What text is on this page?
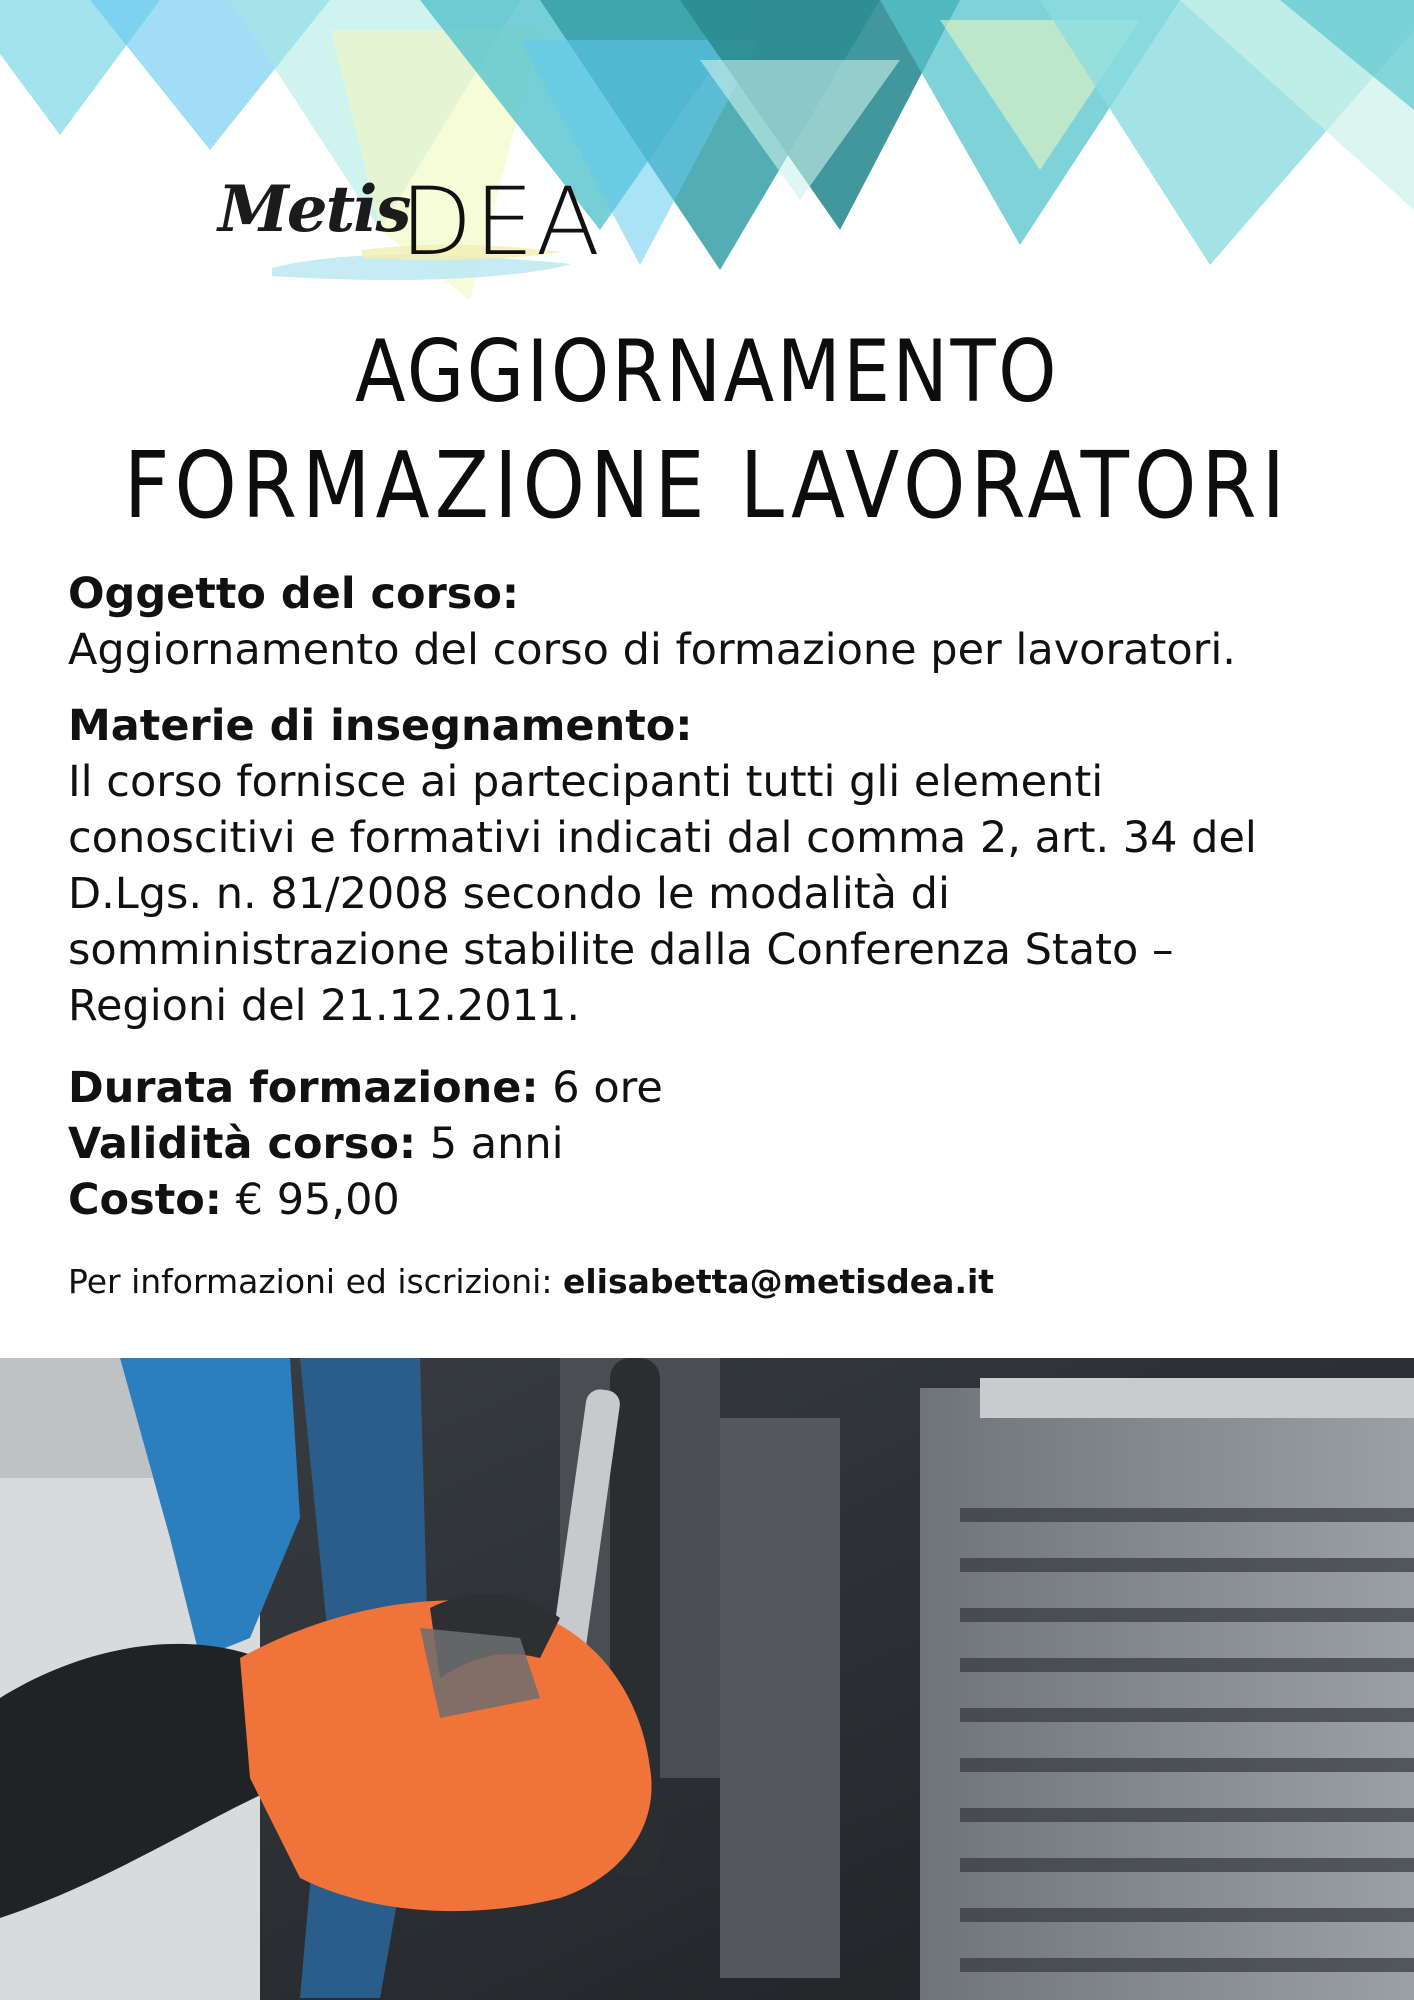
Metis
DEA
AGGIORNAMENTO
FORMAZIONE LAVORATORI
Oggetto del corso:
Aggiornamento del corso di formazione per lavoratori.
Materie di insegnamento:
Il corso fornisce ai partecipanti tutti gli elementi
conoscitivi e formativi indicati dal comma 2, art. 34 del
D.Lgs. n. 81/2008 secondo le modalità di
somministrazione stabilite dalla Conferenza Stato –
Regioni del 21.12.2011.
Durata formazione: 6 ore
Validità corso: 5 anni
Costo: € 95,00
Per informazioni ed iscrizioni: elisabetta@metisdea.it
